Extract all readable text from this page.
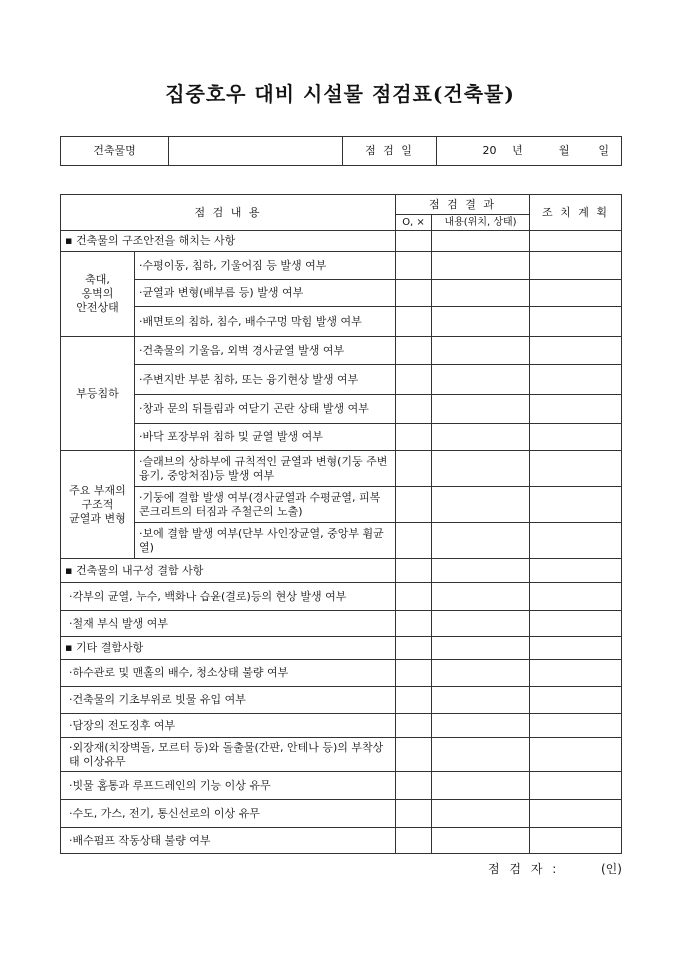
집중호우 대비 시설물 점검표(건축물)
건축물명		점 검 일	20	년	월	일
점 검 내 용		점 검 결 과		조 치 계 획
		O, ×	내용(위치, 상태)	
▪ 건축물의 구조안전을 해치는 사항				
축대,
옹벽의
안전상태	·수평이동, 침하, 기울어짐 등 발생 여부			
	·균열과 변형(배부름 등) 발생 여부			
	·배면토의 침하, 침수, 배수구멍 막힘 발생 여부			
부등침하	·건축물의 기울음, 외벽 경사균열 발생 여부			
	·주변지반 부분 침하, 또는 융기현상 발생 여부			
	·창과 문의 뒤틀림과 여닫기 곤란 상태 발생 여부			
	·바닥 포장부위 침하 및 균열 발생 여부			
주요 부재의
구조적
균열과 변형	·슬래브의 상하부에 규칙적인 균열과 변형(기둥 주변 융기, 중앙처짐)등 발생 여부			
	·기둥에 결함 발생 여부(경사균열과 수평균열, 피복 콘크리트의 터짐과 주철근의 노출)			
	·보에 결함 발생 여부(단부 사인장균열, 중앙부 휨균열)			
▪ 건축물의 내구성 결함 사항				
·각부의 균열, 누수, 백화나 습윤(결로)등의 현상 발생 여부				
·철재 부식 발생 여부				
▪ 기타 결함사항				
·하수관로 및 맨홀의 배수, 청소상태 불량 여부				
·건축물의 기초부위로 빗물 유입 여부				
·담장의 전도징후 여부				
·외장재(치장벽돌, 모르터 등)와 돌출물(간판, 안테나 등)의 부착상태 이상유무				
·빗물 홈통과 루프드레인의 기능 이상 유무				
·수도, 가스, 전기, 통신선로의 이상 유무				
·배수펌프 작동상태 불량 여부				
점 검 자 :	(인)
